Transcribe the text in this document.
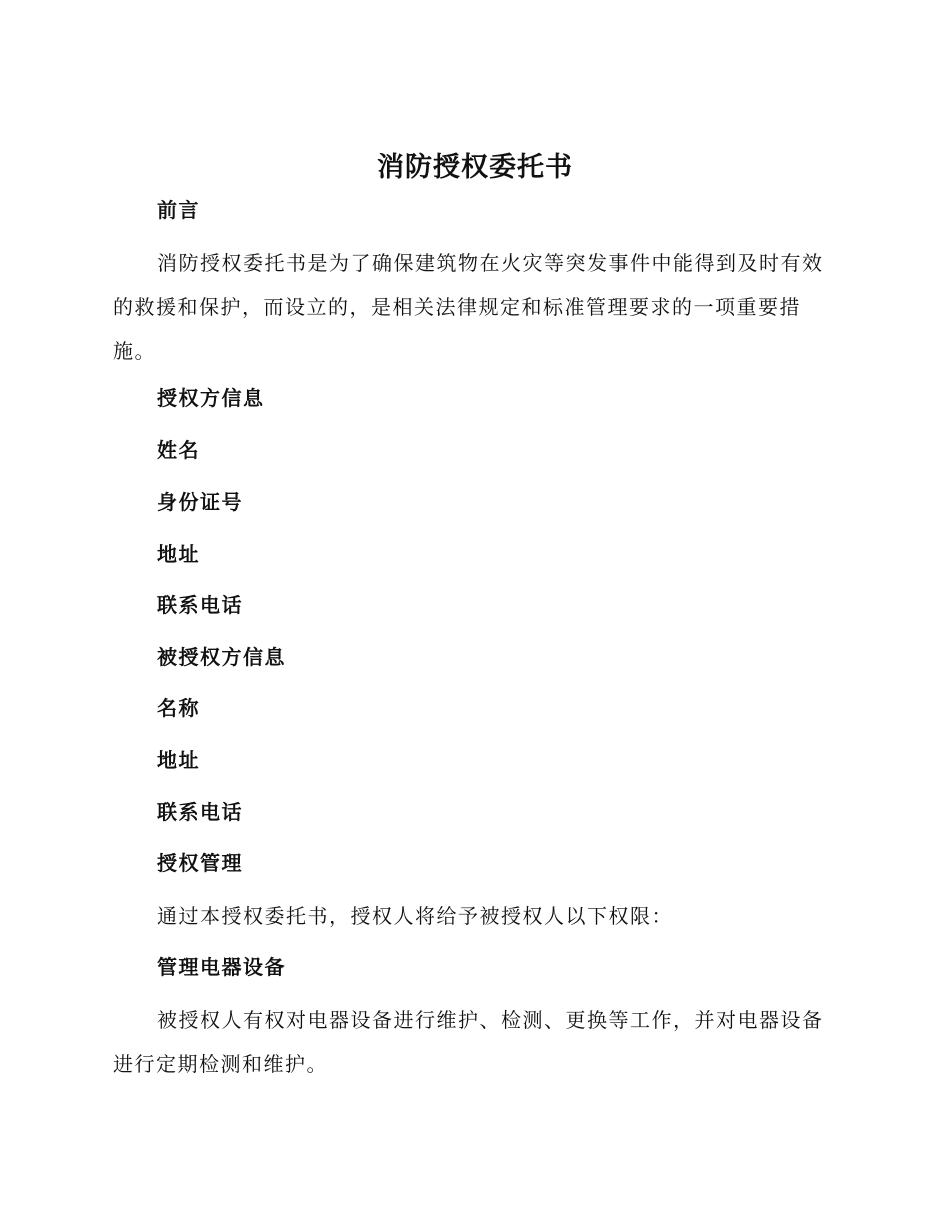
消防授权委托书
前言
消防授权委托书是为了确保建筑物在火灾等突发事件中能得到及时有效
的救援和保护，而设立的，是相关法律规定和标准管理要求的一项重要措
施。
授权方信息
姓名
身份证号
地址
联系电话
被授权方信息
名称
地址
联系电话
授权管理
通过本授权委托书，授权人将给予被授权人以下权限：
管理电器设备
被授权人有权对电器设备进行维护、检测、更换等工作，并对电器设备
进行定期检测和维护。
